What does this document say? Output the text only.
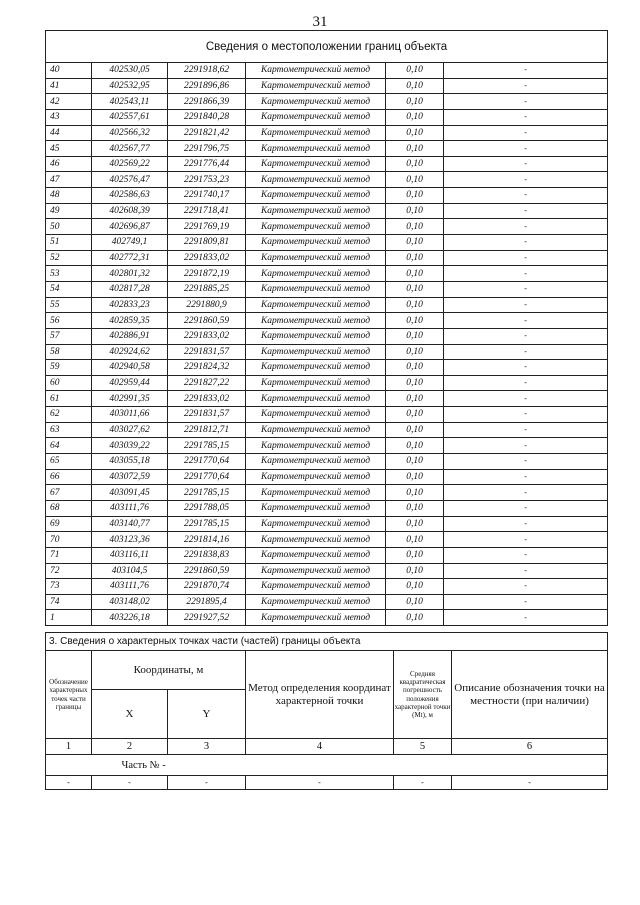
31
Сведения о местоположении границ объекта					
40	402530,05	2291918,62	Картометрический метод	0,10	-
41	402532,95	2291896,86	Картометрический метод	0,10	-
42	402543,11	2291866,39	Картометрический метод	0,10	-
43	402557,61	2291840,28	Картометрический метод	0,10	-
44	402566,32	2291821,42	Картометрический метод	0,10	-
45	402567,77	2291796,75	Картометрический метод	0,10	-
46	402569,22	2291776,44	Картометрический метод	0,10	-
47	402576,47	2291753,23	Картометрический метод	0,10	-
48	402586,63	2291740,17	Картометрический метод	0,10	-
49	402608,39	2291718,41	Картометрический метод	0,10	-
50	402696,87	2291769,19	Картометрический метод	0,10	-
51	402749,1	2291809,81	Картометрический метод	0,10	-
52	402772,31	2291833,02	Картометрический метод	0,10	-
53	402801,32	2291872,19	Картометрический метод	0,10	-
54	402817,28	2291885,25	Картометрический метод	0,10	-
55	402833,23	2291880,9	Картометрический метод	0,10	-
56	402859,35	2291860,59	Картометрический метод	0,10	-
57	402886,91	2291833,02	Картометрический метод	0,10	-
58	402924,62	2291831,57	Картометрический метод	0,10	-
59	402940,58	2291824,32	Картометрический метод	0,10	-
60	402959,44	2291827,22	Картометрический метод	0,10	-
61	402991,35	2291833,02	Картометрический метод	0,10	-
62	403011,66	2291831,57	Картометрический метод	0,10	-
63	403027,62	2291812,71	Картометрический метод	0,10	-
64	403039,22	2291785,15	Картометрический метод	0,10	-
65	403055,18	2291770,64	Картометрический метод	0,10	-
66	403072,59	2291770,64	Картометрический метод	0,10	-
67	403091,45	2291785,15	Картометрический метод	0,10	-
68	403111,76	2291788,05	Картометрический метод	0,10	-
69	403140,77	2291785,15	Картометрический метод	0,10	-
70	403123,36	2291814,16	Картометрический метод	0,10	-
71	403116,11	2291838,83	Картометрический метод	0,10	-
72	403104,5	2291860,59	Картометрический метод	0,10	-
73	403111,76	2291870,74	Картометрический метод	0,10	-
74	403148,02	2291895,4	Картометрический метод	0,10	-
1	403226,18	2291927,52	Картометрический метод	0,10	-
3. Сведения о характерных точках части (частей) границы объекта					
Обозначение характерных точек части границы	Координаты, м		Метод определения координат характерной точки	Средняя квадратическая погрешность положения характерной точки (Мt), м	Описание обозначения точки на местности (при наличии)
	X	Y			
1	2	3	4	5	6
	Часть № -				
-	-	-	-	-	-
